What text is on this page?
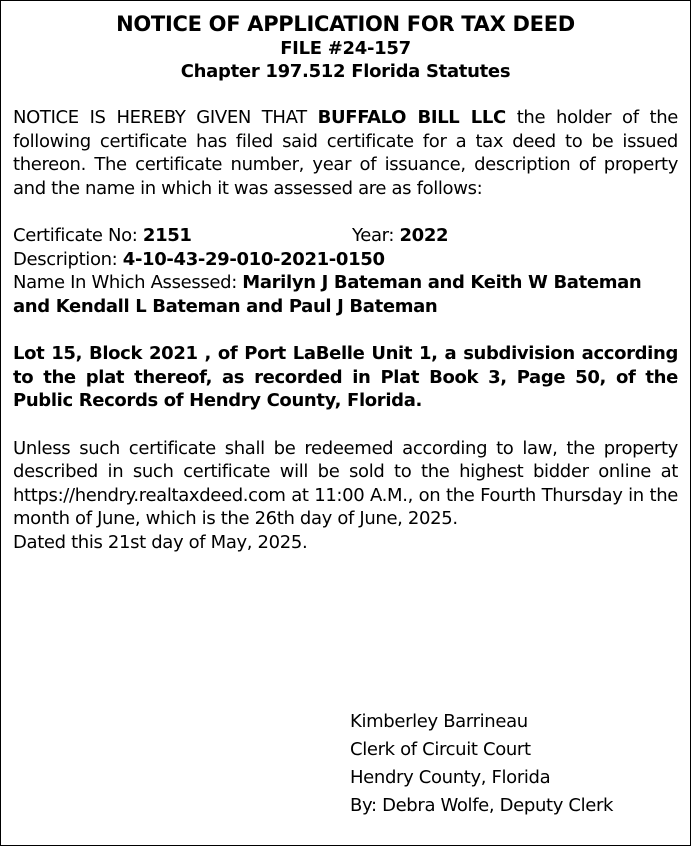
NOTICE OF APPLICATION FOR TAX DEED
FILE #24-157
Chapter 197.512 Florida Statutes

NOTICE IS HEREBY GIVEN THAT BUFFALO BILL LLC the holder of the following certificate has filed said certificate for a tax deed to be issued thereon. The certificate number, year of issuance, description of property and the name in which it was assessed are as follows:

Certificate No: 2151	Year: 2022

Description: 4-10-43-29-010-2021-0150

Name In Which Assessed: Marilyn J Bateman and Keith W Bateman and Kendall L Bateman and Paul J Bateman

Lot 15, Block 2021 , of Port LaBelle Unit 1, a subdivision according to the plat thereof, as recorded in Plat Book 3, Page 50, of the Public Records of Hendry County, Florida.

Unless such certificate shall be redeemed according to law, the property described in such certificate will be sold to the highest bidder online at https://hendry.realtaxdeed.com at 11:00 A.M., on the Fourth Thursday in the month of June, which is the 26th day of June, 2025.

Dated this 21st day of May, 2025.

Kimberley Barrineau
Clerk of Circuit Court
Hendry County, Florida
By: Debra Wolfe, Deputy Clerk
